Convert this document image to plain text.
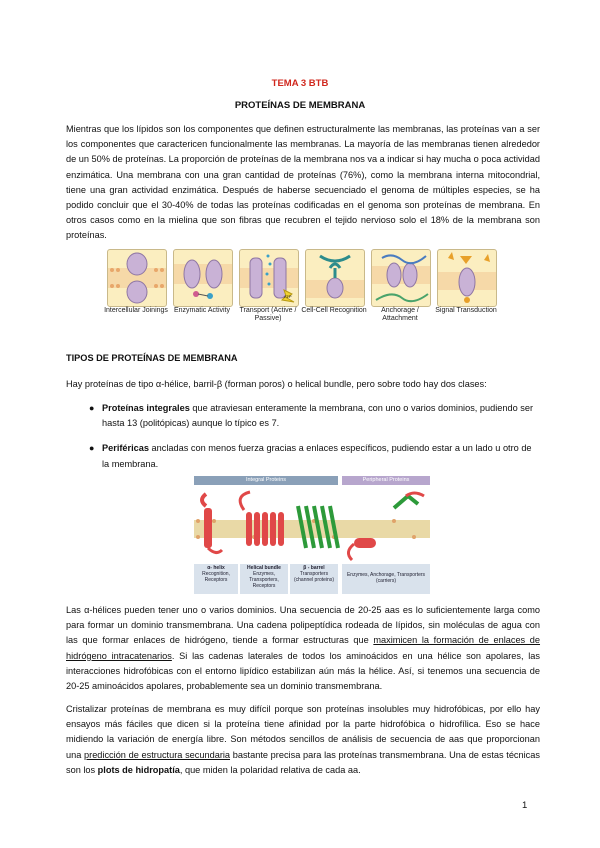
TEMA 3 BTB
PROTEÍNAS DE MEMBRANA

Mientras que los lípidos son los componentes que definen estructuralmente las membranas, las proteínas van a ser los componentes que caractericen funcionalmente las membranas. La mayoría de las membranas tienen alrededor de un 50% de proteínas. La proporción de proteínas de la membrana nos va a indicar si hay mucha o poca actividad enzimática. Una membrana con una gran cantidad de proteínas (76%), como la membrana interna mitocondrial, tiene una gran actividad enzimática. Después de haberse secuenciado el genoma de múltiples especies, se ha podido concluir que el 30-40% de todas las proteínas codificadas en el genoma son proteínas de membrana. En otros casos como en la mielina que son fibras que recubren el tejido nervioso solo el 18% de la membrana son proteínas.

Intercellular Joinings Enzymatic Activity
ATP
Transport (Active / Passive)
Cell-Cell Recognition	Anchorage / Attachment
Signal Transduction
TIPOS DE PROTEÍNAS DE MEMBRANA

Hay proteínas de tipo α-hélice, barril-β (forman poros) o helical bundle, pero sobre todo hay dos clases:

● Proteínas integrales que atraviesan enteramente la membrana, con uno o varios dominios, pudiendo ser hasta 13 (politópicas) aunque lo típico es 7.
● Periféricas ancladas con menos fuerza gracias a enlaces específicos, pudiendo estar a un lado u otro de la membrana.
Integral Proteins	Peripheral Proteins
α- helix
Recognition, Receptors
Helical bundle
Enzymes, Transporters, Receptors
β - barrel
Transporters (channel proteins)
Enzymes, Anchorage, Transporters (carriers)

Las α-hélices pueden tener uno o varios dominios. Una secuencia de 20-25 aas es lo suficientemente larga como para formar un dominio transmembrana. Una cadena polipeptídica rodeada de lípidos, sin moléculas de agua con las que formar enlaces de hidrógeno, tiende a formar estructuras que maximicen la formación de enlaces de hidrógeno intracatenarios. Si las cadenas laterales de todos los aminoácidos en una hélice son apolares, las interacciones hidrofóbicas con el entorno lipídico estabilizan aún más la hélice. Así, si tenemos una secuencia de 20-25 aminoácidos apolares, probablemente sea un dominio transmembrana.

Cristalizar proteínas de membrana es muy difícil porque son proteínas insolubles muy hidrofóbicas, por ello hay ensayos más fáciles que dicen si la proteína tiene afinidad por la parte hidrofóbica o hidrofílica. Eso se hace midiendo la variación de energía libre. Son métodos sencillos de análisis de secuencia de aas que proporcionan una predicción de estructura secundaria bastante precisa para las proteínas transmembrana. Una de estas técnicas son los plots de hidropatía, que miden la polaridad relativa de cada aa.

1
